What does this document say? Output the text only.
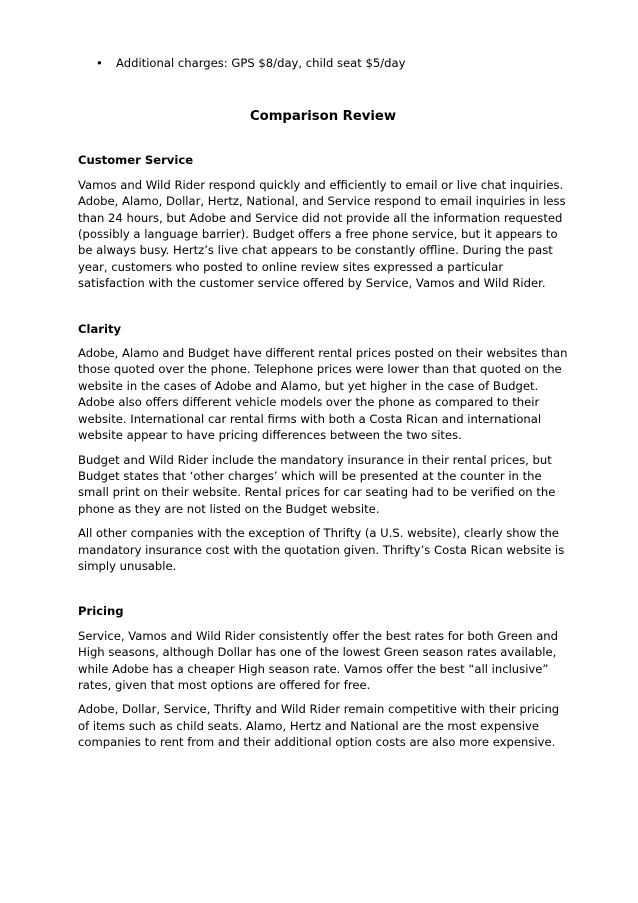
• Additional charges: GPS $8/day, child seat $5/day

Comparison Review
Customer Service

Vamos and Wild Rider respond quickly and efficiently to email or live chat inquiries. Adobe, Alamo, Dollar, Hertz, National, and Service respond to email inquiries in less than 24 hours, but Adobe and Service did not provide all the information requested (possibly a language barrier). Budget offers a free phone service, but it appears to be always busy. Hertz’s live chat appears to be constantly offline. During the past year, customers who posted to online review sites expressed a particular satisfaction with the customer service offered by Service, Vamos and Wild Rider.

Clarity

Adobe, Alamo and Budget have different rental prices posted on their websites than those quoted over the phone. Telephone prices were lower than that quoted on the website in the cases of Adobe and Alamo, but yet higher in the case of Budget. Adobe also offers different vehicle models over the phone as compared to their website. International car rental firms with both a Costa Rican and international website appear to have pricing differences between the two sites.

Budget and Wild Rider include the mandatory insurance in their rental prices, but Budget states that ‘other charges’ which will be presented at the counter in the small print on their website. Rental prices for car seating had to be verified on the phone as they are not listed on the Budget website.

All other companies with the exception of Thrifty (a U.S. website), clearly show the mandatory insurance cost with the quotation given. Thrifty’s Costa Rican website is simply unusable.

Pricing

Service, Vamos and Wild Rider consistently offer the best rates for both Green and High seasons, although Dollar has one of the lowest Green season rates available, while Adobe has a cheaper High season rate. Vamos offer the best “all inclusive” rates, given that most options are offered for free.

Adobe, Dollar, Service, Thrifty and Wild Rider remain competitive with their pricing of items such as child seats. Alamo, Hertz and National are the most expensive companies to rent from and their additional option costs are also more expensive.
